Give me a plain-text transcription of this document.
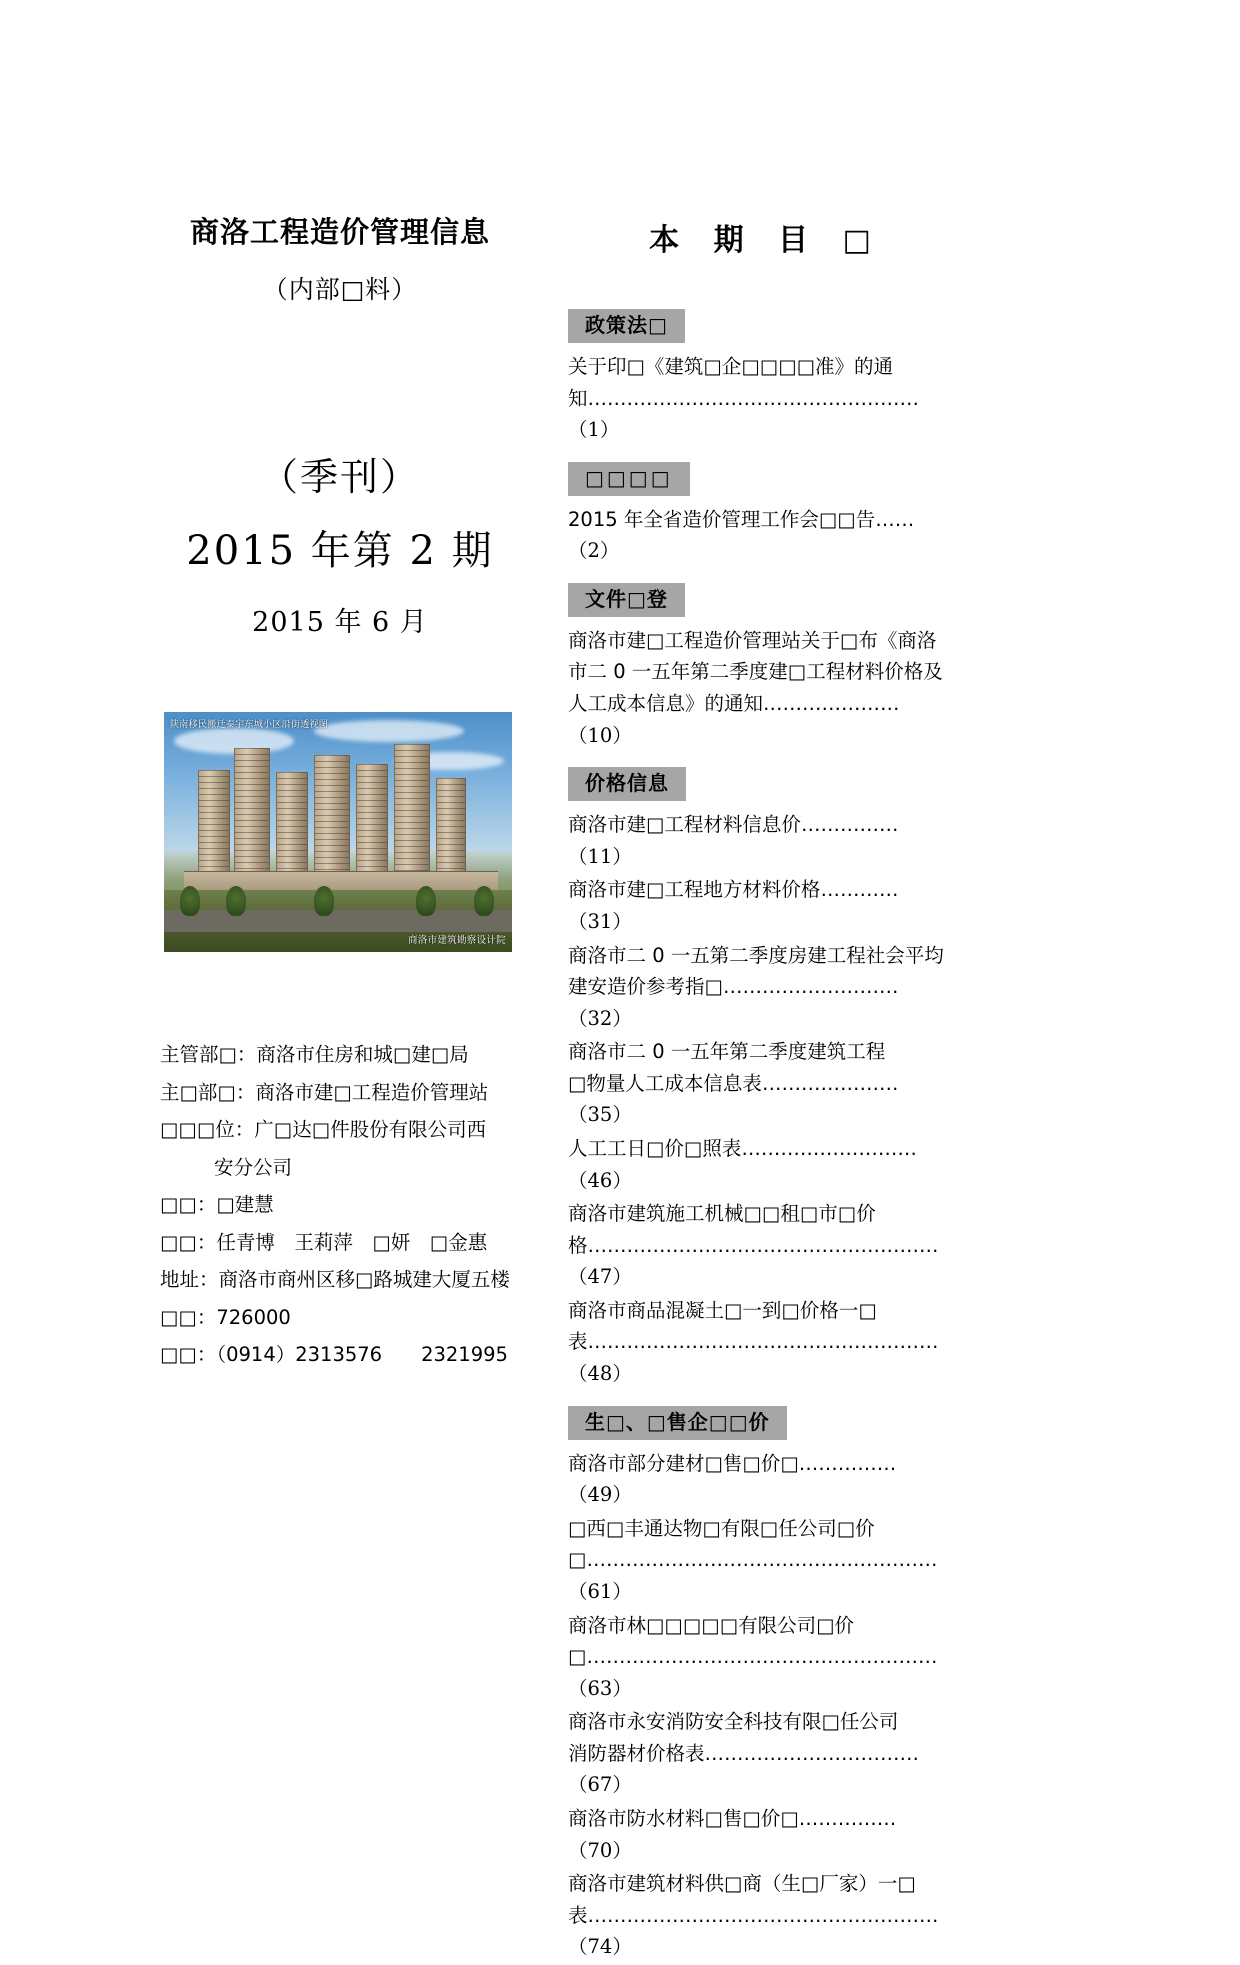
商洛工程造价管理信息
（内部□料）
（季刊）
2015 年第 2 期
2015 年 6 月
陕南移民搬迁泰宇东城小区沿街透视图
商洛市建筑勘察设计院
主管部□：商洛市住房和城□建□局
主□部□：商洛市建□工程造价管理站
□□□位：广□达□件股份有限公司西
安分公司
□□：□建慧
□□：任青博　王莉萍　□妍　□金惠
地址：商洛市商州区移□路城建大厦五楼
□□：726000
□□：（0914）2313576　　2321995
本 期 目 □
政策法□
关于印□《建筑□企□□□□准》的通知……………………………………………（1）
□□□□
2015 年全省造价管理工作会□□告……（2）
文件□登
商洛市建□工程造价管理站关于□布《商洛
市二 0 一五年第二季度建□工程材料价格及
人工成本信息》的通知…………………（10）
价格信息
商洛市建□工程材料信息价……………（11）
商洛市建□工程地方材料价格…………（31）
商洛市二 0 一五第二季度房建工程社会平均
建安造价参考指□………………………（32）
商洛市二 0 一五年第二季度建筑工程
□物量人工成本信息表…………………（35）
人工工日□价□照表………………………（46）
商洛市建筑施工机械□□租□市□价格………………………………………………（47）
商洛市商品混凝土□一到□价格一□表………………………………………………（48）
生□、□售企□□价
商洛市部分建材□售□价□……………（49）
□西□丰通达物□有限□任公司□价□………………………………………………（61）
商洛市林□□□□□有限公司□价□………………………………………………（63）
商洛市永安消防安全科技有限□任公司
消防器材价格表……………………………（67）
商洛市防水材料□售□价□……………（70）
商洛市建筑材料供□商（生□厂家）一□表………………………………………………（74）
